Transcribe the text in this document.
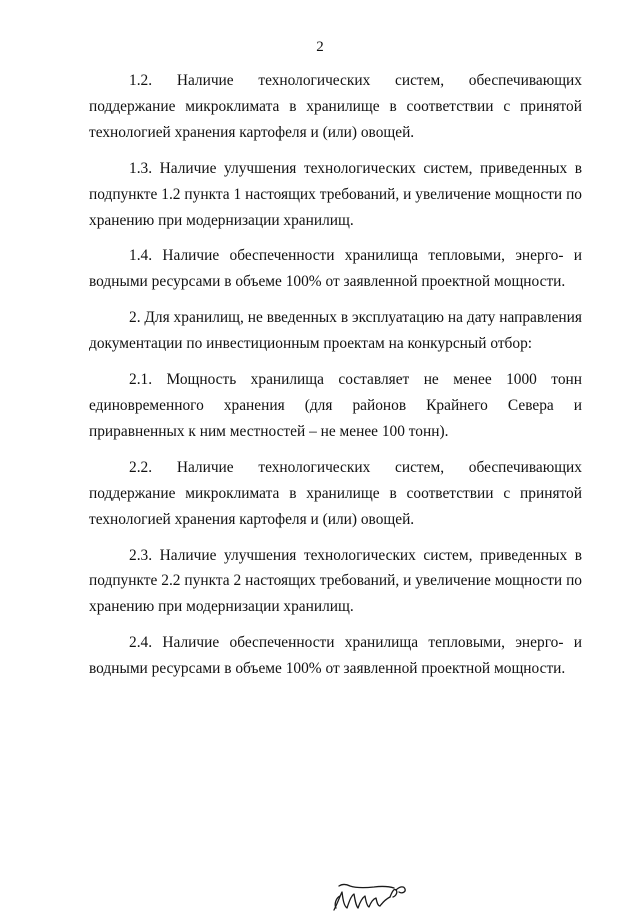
2

1.2. Наличие технологических систем, обеспечивающих поддержание микроклимата в хранилище в соответствии с принятой технологией хранения картофеля и (или) овощей.

1.3. Наличие улучшения технологических систем, приведенных в подпункте 1.2 пункта 1 настоящих требований, и увеличение мощности по хранению при модернизации хранилищ.

1.4. Наличие обеспеченности хранилища тепловыми, энерго- и водными ресурсами в объеме 100% от заявленной проектной мощности.

2. Для хранилищ, не введенных в эксплуатацию на дату направления документации по инвестиционным проектам на конкурсный отбор:

2.1. Мощность хранилища составляет не менее 1000 тонн единовременного хранения (для районов Крайнего Севера и приравненных к ним местностей – не менее 100 тонн).

2.2. Наличие технологических систем, обеспечивающих поддержание микроклимата в хранилище в соответствии с принятой технологией хранения картофеля и (или) овощей.

2.3. Наличие улучшения технологических систем, приведенных в подпункте 2.2 пункта 2 настоящих требований, и увеличение мощности по хранению при модернизации хранилищ.

2.4. Наличие обеспеченности хранилища тепловыми, энерго- и водными ресурсами в объеме 100% от заявленной проектной мощности.
